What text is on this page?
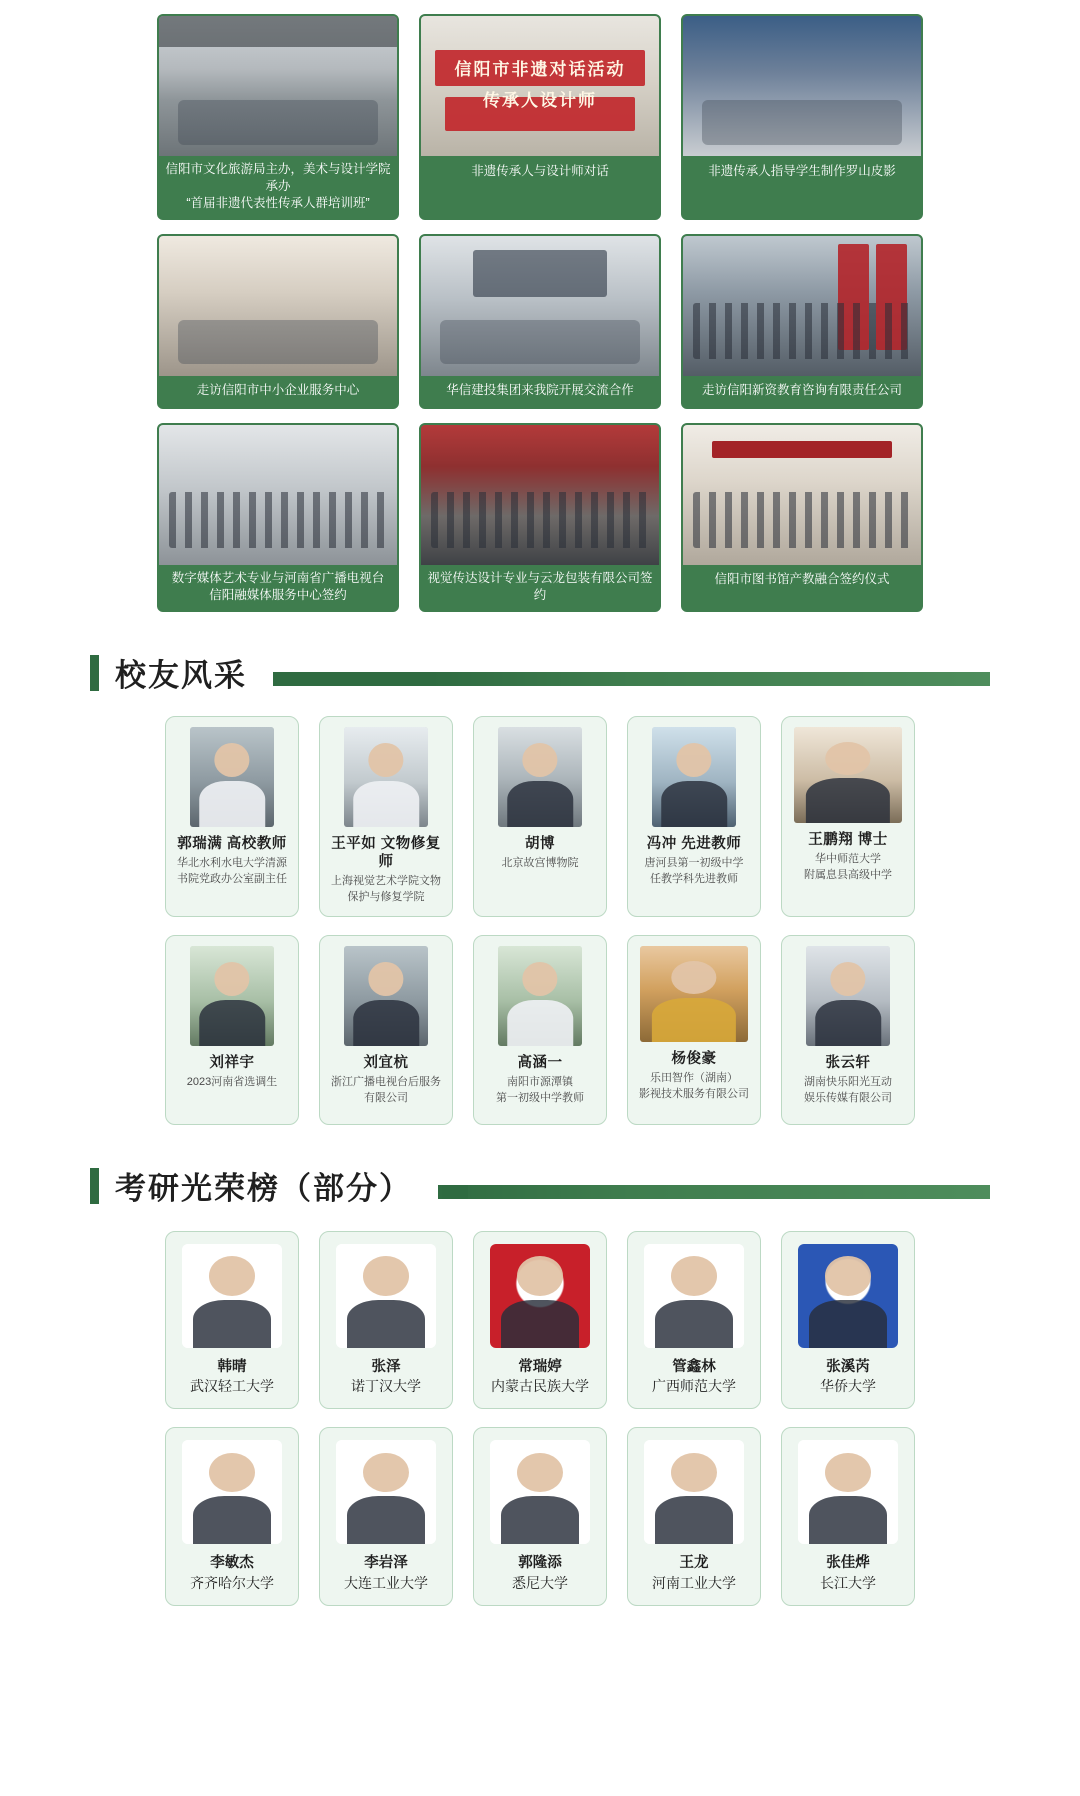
信阳市文化旅游局主办，美术与设计学院承办
“首届非遗代表性传承人群培训班”
信阳市非遗对话活动
传承人设计师
非遗传承人与设计师对话	非遗传承人指导学生制作罗山皮影
走访信阳市中小企业服务中心	华信建投集团来我院开展交流合作	走访信阳新资教育咨询有限责任公司
数字媒体艺术专业与河南省广播电视台
信阳融媒体服务中心签约
视觉传达设计专业与云龙包装有限公司签约
信阳市图书馆产教融合签约仪式
校友风采
郭瑞满 高校教师
华北水利水电大学清源
书院党政办公室副主任
王平如 文物修复师
上海视觉艺术学院文物
保护与修复学院
胡博
北京故宫博物院
冯冲 先进教师
唐河县第一初级中学
任教学科先进教师
王鹏翔 博士
华中师范大学
附属息县高级中学
刘祥宇
2023河南省选调生
刘宜杭
浙江广播电视台后服务
有限公司
高涵一
南阳市源潭镇
第一初级中学教师
杨俊豪
乐田智作（湖南）
影视技术服务有限公司
张云轩
湖南快乐阳光互动
娱乐传媒有限公司
考研光荣榜（部分）
韩晴
武汉轻工大学
张泽
诺丁汉大学
常瑞婷
内蒙古民族大学
管鑫林
广西师范大学
张溪芮
华侨大学
李敏杰
齐齐哈尔大学
李岩泽
大连工业大学
郭隆添
悉尼大学
王龙
河南工业大学
张佳烨
长江大学
